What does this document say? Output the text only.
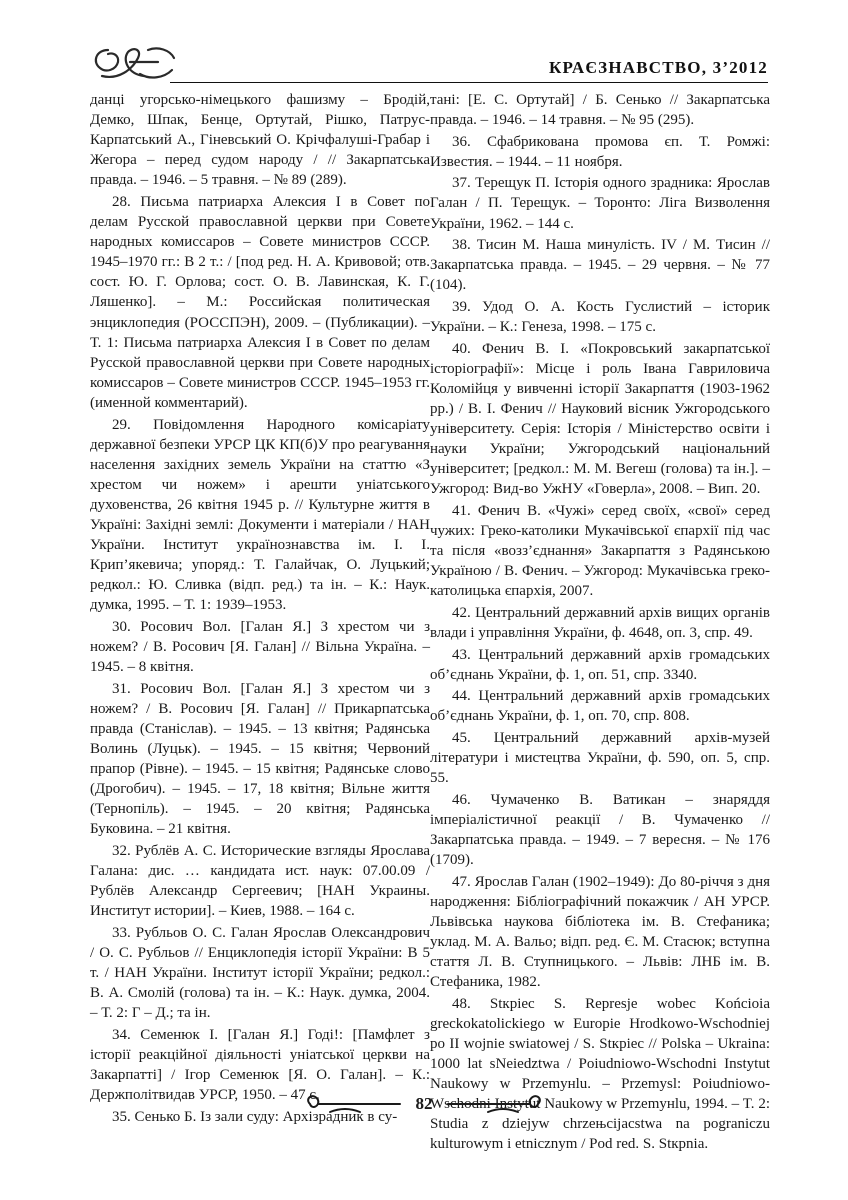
КРАЄЗНАВСТВО, 3’2012

данці угорсько-німецького фашизму – Бродій, Демко, Шпак, Бенце, Ортутай, Рішко, Патрус-Карпатський А., Гіневський О. Крічфалуші-Грабар і Жегора – перед судом народу / // Закарпатська правда. – 1946. – 5 травня. – № 89 (289).

28. Письма патриарха Алексия I в Совет по делам Русской православной церкви при Совете народных комиссаров – Совете министров СССР. 1945–1970 гг.: В 2 т.: / [под ред. Н. А. Кривовой; отв. сост. Ю. Г. Орлова; сост. О. В. Лавинская, К. Г. Ляшенко]. – М.: Российская политическая энциклопедия (РОССПЭН), 2009. – (Публикации). – Т. 1: Письма патриарха Алексия I в Совет по делам Русской православной церкви при Совете народных комиссаров – Совете министров СССР. 1945–1953 гг. (именной комментарий).

29. Повідомлення Народного комісаріату державної безпеки УРСР ЦК КП(б)У про реагування населення західних земель України на статтю «З хрестом чи ножем» і арешти уніатського духовенства, 26 квітня 1945 р. // Культурне життя в Україні: Західні землі: Документи і матеріали / НАН України. Інститут українознавства ім. І. І. Крип’якевича; упоряд.: Т. Галайчак, О. Луцький; редкол.: Ю. Сливка (відп. ред.) та ін. – К.: Наук. думка, 1995. – Т. 1: 1939–1953.

30. Росович Вол. [Галан Я.] З хрестом чи з ножем? / В. Росович [Я. Галан] // Вільна Україна. – 1945. – 8 квітня.

31. Росович Вол. [Галан Я.] З хрестом чи з ножем? / В. Росович [Я. Галан] // Прикарпатська правда (Станіслав). – 1945. – 13 квітня; Радянська Волинь (Луцьк). – 1945. – 15 квітня; Червоний прапор (Рівне). – 1945. – 15 квітня; Радянське слово (Дрогобич). – 1945. – 17, 18 квітня; Вільне життя (Тернопіль). – 1945. – 20 квітня; Радянська Буковина. – 21 квітня.

32. Рублёв А. С. Исторические взгляды Ярослава Галана: дис. … кандидата ист. наук: 07.00.09 / Рублёв Александр Сергеевич; [НАН Украины. Институт истории]. – Киев, 1988. – 164 с.

33. Рубльов О. С. Галан Ярослав Олександрович / О. С. Рубльов // Енциклопедія історії України: В 5 т. / НАН України. Інститут історії України; редкол.: В. А. Смолій (голова) та ін. – К.: Наук. думка, 2004. – Т. 2: Г – Д.; та ін.

34. Семенюк І. [Галан Я.] Годі!: [Памфлет з історії реакційної діяльності уніатської церкви на Закарпатті] / Ігор Семенюк [Я. О. Галан]. – К.: Держполітвидав УРСР, 1950. – 47 с.

35. Сенько Б. Із зали суду: Архізрадник в су-

тані: [Е. С. Ортутай] / Б. Сенько // Закарпатська правда. – 1946. – 14 травня. – № 95 (295).

36. Сфабрикована промова єп. Т. Ромжі: Известия. – 1944. – 11 ноября.

37. Терещук П. Історія одного зрадника: Ярослав Галан / П. Терещук. – Торонто: Ліга Визволення України, 1962. – 144 с.

38. Тисин М. Наша минулість. IV / М. Тисин // Закарпатська правда. – 1945. – 29 червня. – № 77 (104).

39. Удод О. А. Кость Гуслистий – історик України. – К.: Генеза, 1998. – 175 с.

40. Фенич В. І. «Покровський закарпатської історіографії»: Місце і роль Івана Гавриловича Коломійця у вивченні історії Закарпаття (1903-1962 рр.) / В. І. Фенич // Науковий вісник Ужгородського університету. Серія: Історія / Міністерство освіти і науки України; Ужгородський національний університет; [редкол.: М. М. Вегеш (голова) та ін.]. – Ужгород: Вид-во УжНУ «Говерла», 2008. – Вип. 20.

41. Фенич В. «Чужі» серед своїх, «свої» серед чужих: Греко-католики Мукачівської єпархії під час та після «возз’єднання» Закарпаття з Радянською Україною / В. Фенич. – Ужгород: Мукачівська греко-католицька єпархія, 2007.

42. Центральний державний архів вищих органів влади і управління України, ф. 4648, оп. 3, спр. 49.

43. Центральний державний архів громадських об’єднань України, ф. 1, оп. 51, спр. 3340.

44. Центральний державний архів громадських об’єднань України, ф. 1, оп. 70, спр. 808.

45. Центральний державний архів-музей літератури і мистецтва України, ф. 590, оп. 5, спр. 55.

46. Чумаченко В. Ватикан – знаряддя імперіалістичної реакції / В. Чумаченко // Закарпатська правда. – 1949. – 7 вересня. – № 176 (1709).

47. Ярослав Галан (1902–1949): До 80-річчя з дня народження: Бібліографічний покажчик / АН УРСР. Львівська наукова бібліотека ім. В. Стефаника; уклад. М. А. Вальо; відп. ред. Є. М. Стасюк; вступна стаття Л. В. Ступницького. – Львів: ЛНБ ім. В. Стефаника, 1982.

48. Stкpiec S. Represje wobec Końсioіа greckokatolickiego w Europie Hrodkowo-Wschodniej po II wojnie swiatowej / S. Stкpiec // Polska – Ukraina: 1000 lat sNeiedztwa / Poiudniowo-Wschodni Instytut Naukowy w Przemyнlu. – Przemysl: Poiudniowo-Wschodni Instytut Naukowy w Przemyнlu, 1994. – T. 2: Studia z dziejуw chrzeњcijacstwa na pograniczu kulturowym i etnicznym / Pod red. S. Stкpnia.

82
